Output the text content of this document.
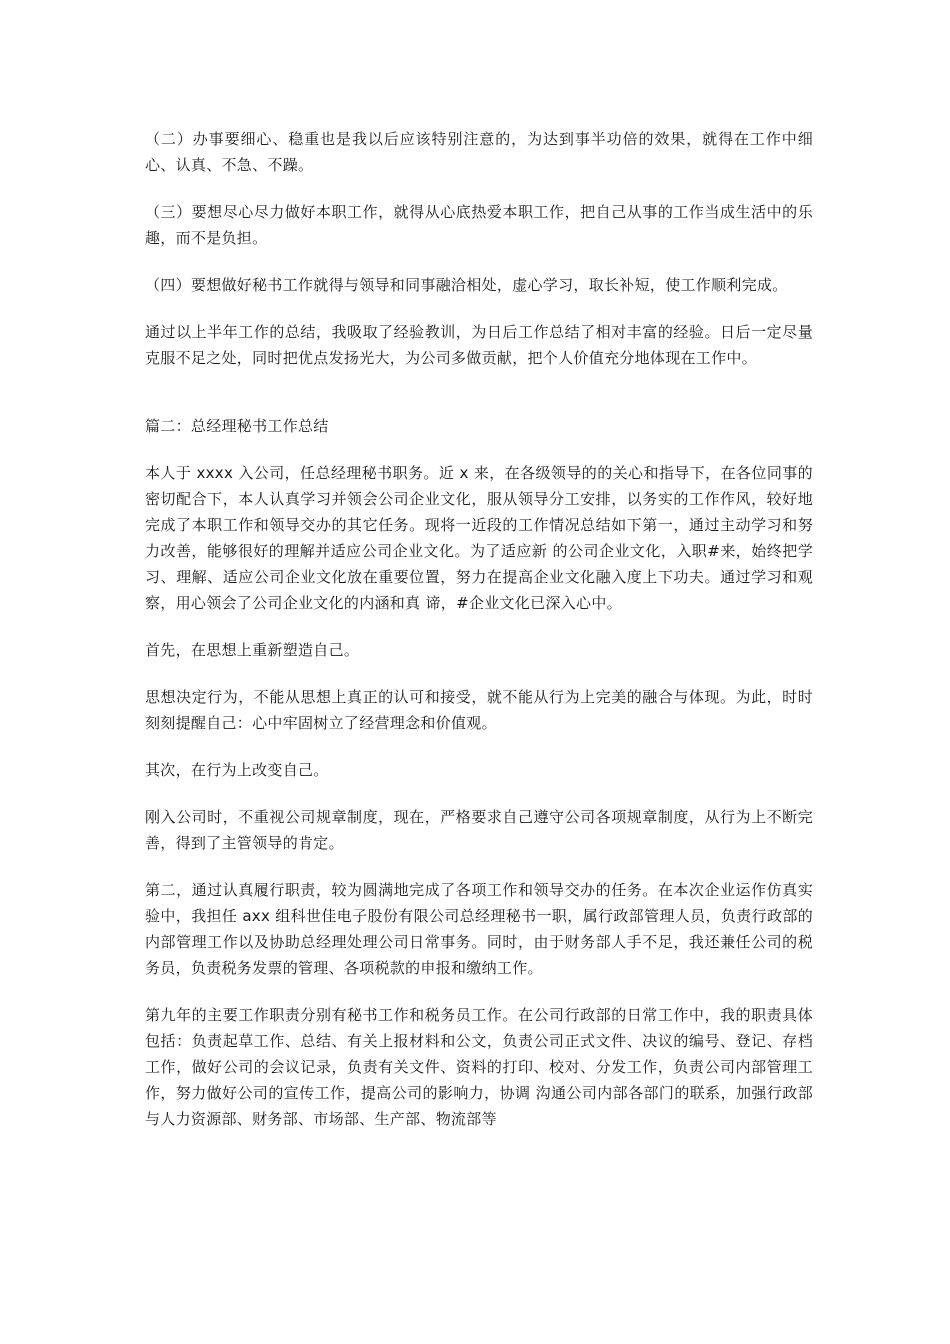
（二）办事要细心、稳重也是我以后应该特别注意的，为达到事半功倍的效果，就得在工作中细心、认真、不急、不躁。

（三）要想尽心尽力做好本职工作，就得从心底热爱本职工作，把自己从事的工作当成生活中的乐趣，而不是负担。

（四）要想做好秘书工作就得与领导和同事融洽相处，虚心学习，取长补短，使工作顺利完成。

通过以上半年工作的总结，我吸取了经验教训，为日后工作总结了相对丰富的经验。日后一定尽量克服不足之处，同时把优点发扬光大，为公司多做贡献，把个人价值充分地体现在工作中。

篇二：总经理秘书工作总结

本人于 xxxx 入公司，任总经理秘书职务。近 x 来，在各级领导的的关心和指导下，在各位同事的密切配合下，本人认真学习并领会公司企业文化，服从领导分工安排，以务实的工作作风，较好地完成了本职工作和领导交办的其它任务。现将一近段的工作情况总结如下第一，通过主动学习和努力改善，能够很好的理解并适应公司企业文化。为了适应新 的公司企业文化，入职#来，始终把学习、理解、适应公司企业文化放在重要位置，努力在提高企业文化融入度上下功夫。通过学习和观察，用心领会了公司企业文化的内涵和真 谛，#企业文化已深入心中。

首先，在思想上重新塑造自己。

思想决定行为，不能从思想上真正的认可和接受，就不能从行为上完美的融合与体现。为此，时时刻刻提醒自己：心中牢固树立了经营理念和价值观。

其次，在行为上改变自己。

刚入公司时，不重视公司规章制度，现在，严格要求自己遵守公司各项规章制度，从行为上不断完善，得到了主管领导的肯定。

第二，通过认真履行职责，较为圆满地完成了各项工作和领导交办的任务。在本次企业运作仿真实验中，我担任 axx 组科世佳电子股份有限公司总经理秘书一职，属行政部管理人员，负责行政部的内部管理工作以及协助总经理处理公司日常事务。同时，由于财务部人手不足，我还兼任公司的税务员，负责税务发票的管理、各项税款的申报和缴纳工作。

第九年的主要工作职责分别有秘书工作和税务员工作。在公司行政部的日常工作中，我的职责具体包括：负责起草工作、总结、有关上报材料和公文，负责公司正式文件、决议的编号、登记、存档工作，做好公司的会议记录，负责有关文件、资料的打印、校对、分发工作，负责公司内部管理工作，努力做好公司的宣传工作，提高公司的影响力，协调 沟通公司内部各部门的联系，加强行政部与人力资源部、财务部、市场部、生产部、物流部等
